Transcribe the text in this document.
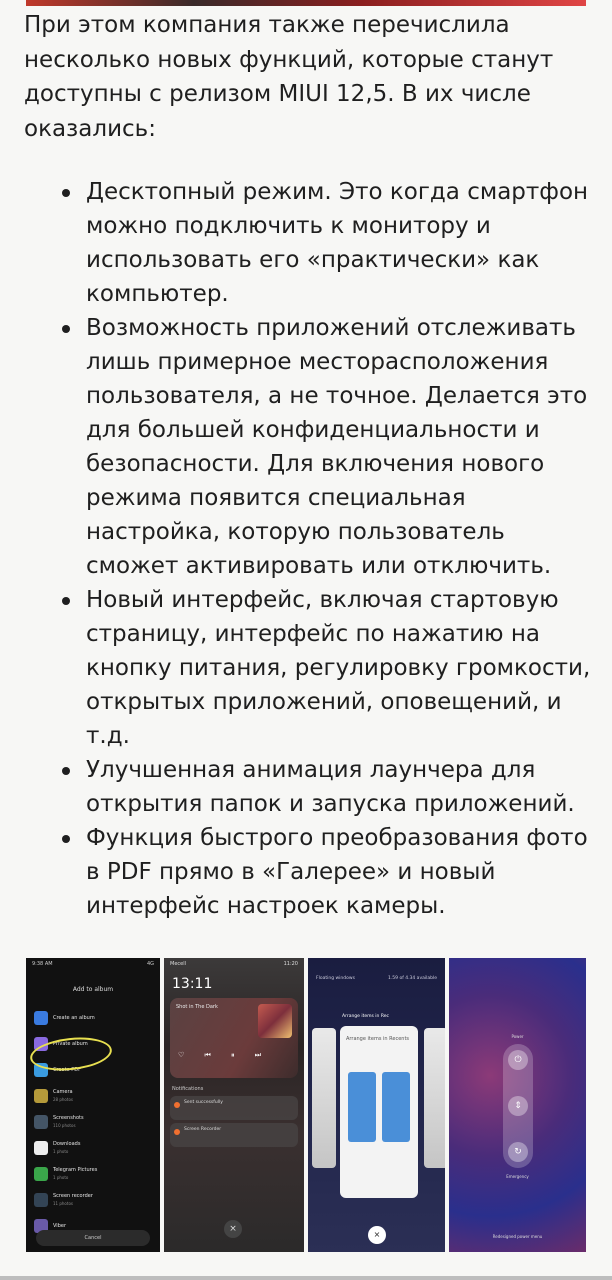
При этом компания также перечислила несколько новых функций, которые станут доступны с релизом MIUI 12,5. В их числе оказались:

Десктопный режим. Это когда смартфон можно подключить к монитору и использовать его «практически» как компьютер.
Возможность приложений отслеживать лишь примерное месторасположения пользователя, а не точное. Делается это для большей конфиденциальности и безопасности. Для включения нового режима появится специальная настройка, которую пользователь сможет активировать или отключить.
Новый интерфейс, включая стартовую страницу, интерфейс по нажатию на кнопку питания, регулировку громкости, открытых приложений, оповещений, и т.д.
Улучшенная анимация лаунчера для открытия папок и запуска приложений.
Функция быстрого преобразования фото в PDF прямо в «Галерее» и новый интерфейс настроек камеры.
9:38 AM	4G
Add to album
Create an album
Private album
Create PDF
Camera
28 photos
Screenshots
110 photos
Downloads
1 photo
Telegram Pictures
1 photo
Screen recorder
11 photos
Viber
Cancel
Mecell	11:20
13:11
Shot in The Dark
♡ ⏮ ⏸ ⏭
Notifications
Sent successfully
Screen Recorder
×
Floating windows	1.59 of 4.34 available
Arrange items in Rec
Arrange items in Recents
×
Power
⏻
⇕
↻
Emergency
Redesigned power menu
